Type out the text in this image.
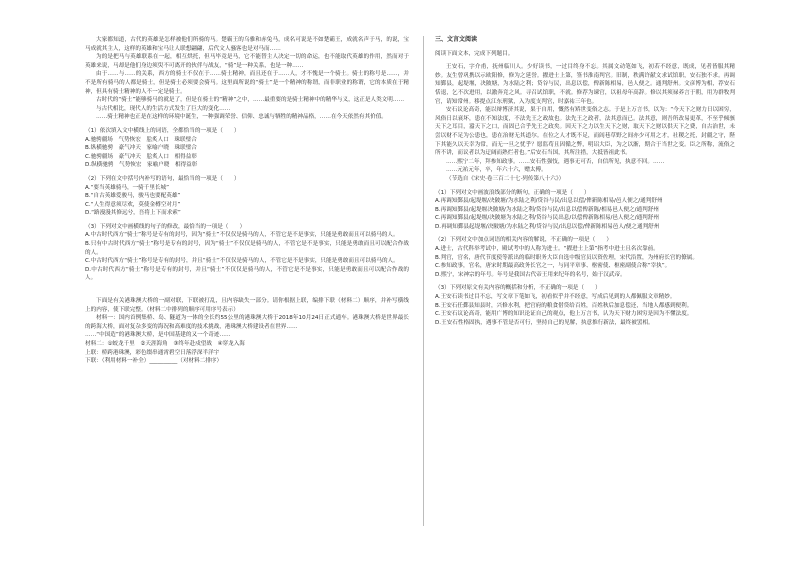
大家都知道，古代的英雄是怎样被他们所骑的马。楚霸王的乌骓和赤兔马，成名可说是不如楚霸王，成就名声于马，的说，宝马成就其主人，这样的英雄和宝马让人联想翩翩，后代文人骚客也是对马而……

为的是把马与英雄联系在一起，相互烘托，但马毕竟是马，它不能替主人决定一切的命运，也不能取代英雄的作用，然而对于英雄来说，马却是他们身边须臾不可离开的伙伴与战友，“骑”是一种关系，也是一种……

由于……与……的关系，西方的骑士不仅在于……骑士精神，而且还在于……人，才不愧是一个骑士。骑士的称号是……，并不是所有骑马的人都是骑士，但是骑士必须要会骑马。这里面所说的“骑士”是一个精神的称谓，而非职业的称谓，它的本质在于精神，但具有骑士精神的人不一定是骑士。

古时代的“骑士”能够骑马的就是了，但是在骑士的“精神”之中，……最重要的是骑士精神中的精华与义，这正是人类文明……

与古代相比，现代人的生活方式发生了巨大的变化……

……骑士精神也正是在这样的环境中诞生，一种强调荣誉、信仰、忠诚与牺牲的精神品格，……在今天依然有其价值。

（1）依次填入文中横线上的词语，全都恰当的一项是（　　）

A.驰骋疆场　气势恢宏　脍炙人口　珠联璧合

B.纵横驰骋　豪气冲天　家喻户晓　珠联璧合

C.驰骋疆场　豪气冲天　脍炙人口　相得益彰

D.纵横驰骋　气势恢宏　家喻户晓　相得益彰

（2）下列在文中括号内补写的语句，最恰当的一项是（　　）

A.“要当英雄骑马，一骑千里长城”

B.“自古英雄爱骏马，骏马也要配英雄”

C.“人生得意须尽欢，莫使金樽空对月”

D.“路漫漫其修远兮，吾将上下而求索”

（3）下列对文中画横线的句子的修改，最恰当的一项是（　　）

A.中古时代西方“骑士”称号是专有的封号，因为“骑士”不仅仅是骑马的人，不管它是不是事实，只能是勇敢而且可以骑马的人。

B.只有中古时代西方“骑士”称号是专有的封号，因为“骑士”不仅仅是骑马的人，不管它是不是事实，只能是勇敢而且可以配合作战的人。

C.中古时代西方“骑士”称号是专有的封号，并且“骑士”不仅仅是骑马的人，不管它是不是事实，只能是勇敢而且可以骑马的人。

D.中古时代西方“骑士”称号是专有的封号，并且“骑士”不仅仅是骑马的人，不管它是不是事实，只能是勇敢而且可以配合作战的人。

下面是有关港珠澳大桥的一副对联，下联被打乱，且内容缺失一部分。请你根据上联，编排下联（材料二）顺序，并补写横线上的内容，使下联完整。（材料二中排列的顺序可用序号表示）

材料一：国内首例集桥、岛、隧道为一体的全长约55公里的港珠澳大桥于2018年10月24日正式通车。港珠澳大桥是世界最长的跨海大桥，面对复杂多变的海况和高难度的技术挑战，港珠澳大桥建设者在世界……

……“中国造”的港珠澳大桥，是中国基建的又一个奇迹……

材料二：①蛟龙千里　②天涯海角　③终年赴戍望战　④穿龙入海

上联：桥跨港珠澳，彩色缀串通霄碧空日落浮深半洋宇

下联：（利用材料一补全）__________（对材料二排序）

三、文言文阅读

阅读下面文本，完成下列题目。

王安石，字介甫，抚州临川人。少好读书，一过目终身不忘。其属文动笔如飞，初若不经意，既成，见者皆服其精妙。友生曾巩携以示欧阳修，修为之延誉。擢进士上第，签书淮南判官。旧制，秩满许献文求试馆职，安石独不求。再调知鄞县，起堤堰，决陂塘，为水陆之利；贷谷与民，出息以偿，俾新陈相易，邑人便之。通判舒州。文彦博为相，荐安石恬退，乞不次进用，以激奔竞之风。寻召试馆职，不就。修荐为谏官，以祖母年高辞。修以其须禄养言于朝，用为群牧判官，请知常州。移提点江东刑狱，入为度支判官，时嘉祐三年也。

安石议论高奇，能以辩博济其说，果于自用，慨然有矫世变俗之志。于是上万言书，以为：“今天下之财力日以困穷，风俗日以衰坏，患在不知法度，不法先王之政故也。法先王之政者，法其意而已。法其意，则吾所改易更革，不至乎倾骇天下之耳目，嚣天下之口，而固已合乎先王之政矣。因天下之力以生天下之财，取天下之财以供天下之费，自古治世，未尝以财不足为公患也，患在治财无其道尔。在位之人才既不足，而闾巷草野之间亦少可用之才，社稷之托，封疆之守，陛下其能久以天幸为常，而无一旦之忧乎？愿监苟且因循之弊，明诏大臣，为之以渐，期合于当世之变。臣之所称，流俗之所不讲，而议者以为迂阔而熟烂者也。”后安石当国，其所注措，大抵皆祖此书。

……熙宁二年，拜参知政事。……安石性强忮，遇事无可否，自信所见，执意不回。……

……元祐元年，卒，年六十六，赠太傅。

（节选自《宋史·卷三百二十七·列传第八十六》）

（1）下列对文中画波浪线部分的断句，正确的一项是（　　）

A.再调知鄞县/起堤堰/决陂塘/为水陆之利/贷谷与民/出息以偿/俾新陈相易/邑人便之/通判舒州

B.再调知鄞县/起堤堰决陂塘/为水陆之利/贷谷与民/出息以偿俾新陈/相易邑人便之/通判舒州

C.再调知鄞县/起堤堰/决陂塘为水陆之利/贷谷与民出息/以偿俾新陈相易/邑人便之/通判舒州

D.再调知鄞县起堤堰/决陂塘/为水陆之利/贷谷与民/出息以偿/俾新陈相易邑人/便之通判舒州

（2）下列对文中加点词语的相关内容的解说，不正确的一项是（　　）

A.进士，古代科举考试中，殿试考中的人称为进士。“擢进士上第”指考中进士且名次靠前。

B.判官，官名，唐代节度使等派出的临时职务大臣自选中级官员以资佐理，宋代沿置，为州府长官的僚属。

C.参知政事，官名，唐宋时期最高政务长官之一，与同平章事、枢密使、枢密副使合称“宰执”。

D.熙宁，宋神宗的年号。年号是我国古代帝王用来纪年的名号，始于汉武帝。

（3）下列对原文有关内容的概括和分析，不正确的一项是（　　）

A.王安石读书过目不忘，写文章下笔如飞，初看似乎并不经意，写成后见到的人都佩服文章精妙。

B.王安石任鄞县知县时，兴修水利，把官府的粮食借贷给百姓，百姓秋后加息偿还，当地人都感到便利。

C.王安石议论高奇，能用广博的知识论证自己的观点，他上万言书，认为天下财力困穷是因为不懂法度。

D.王安石性格固执，遇事不管是否可行，坚持自己的见解，执意推行新法，最终被罢相。
